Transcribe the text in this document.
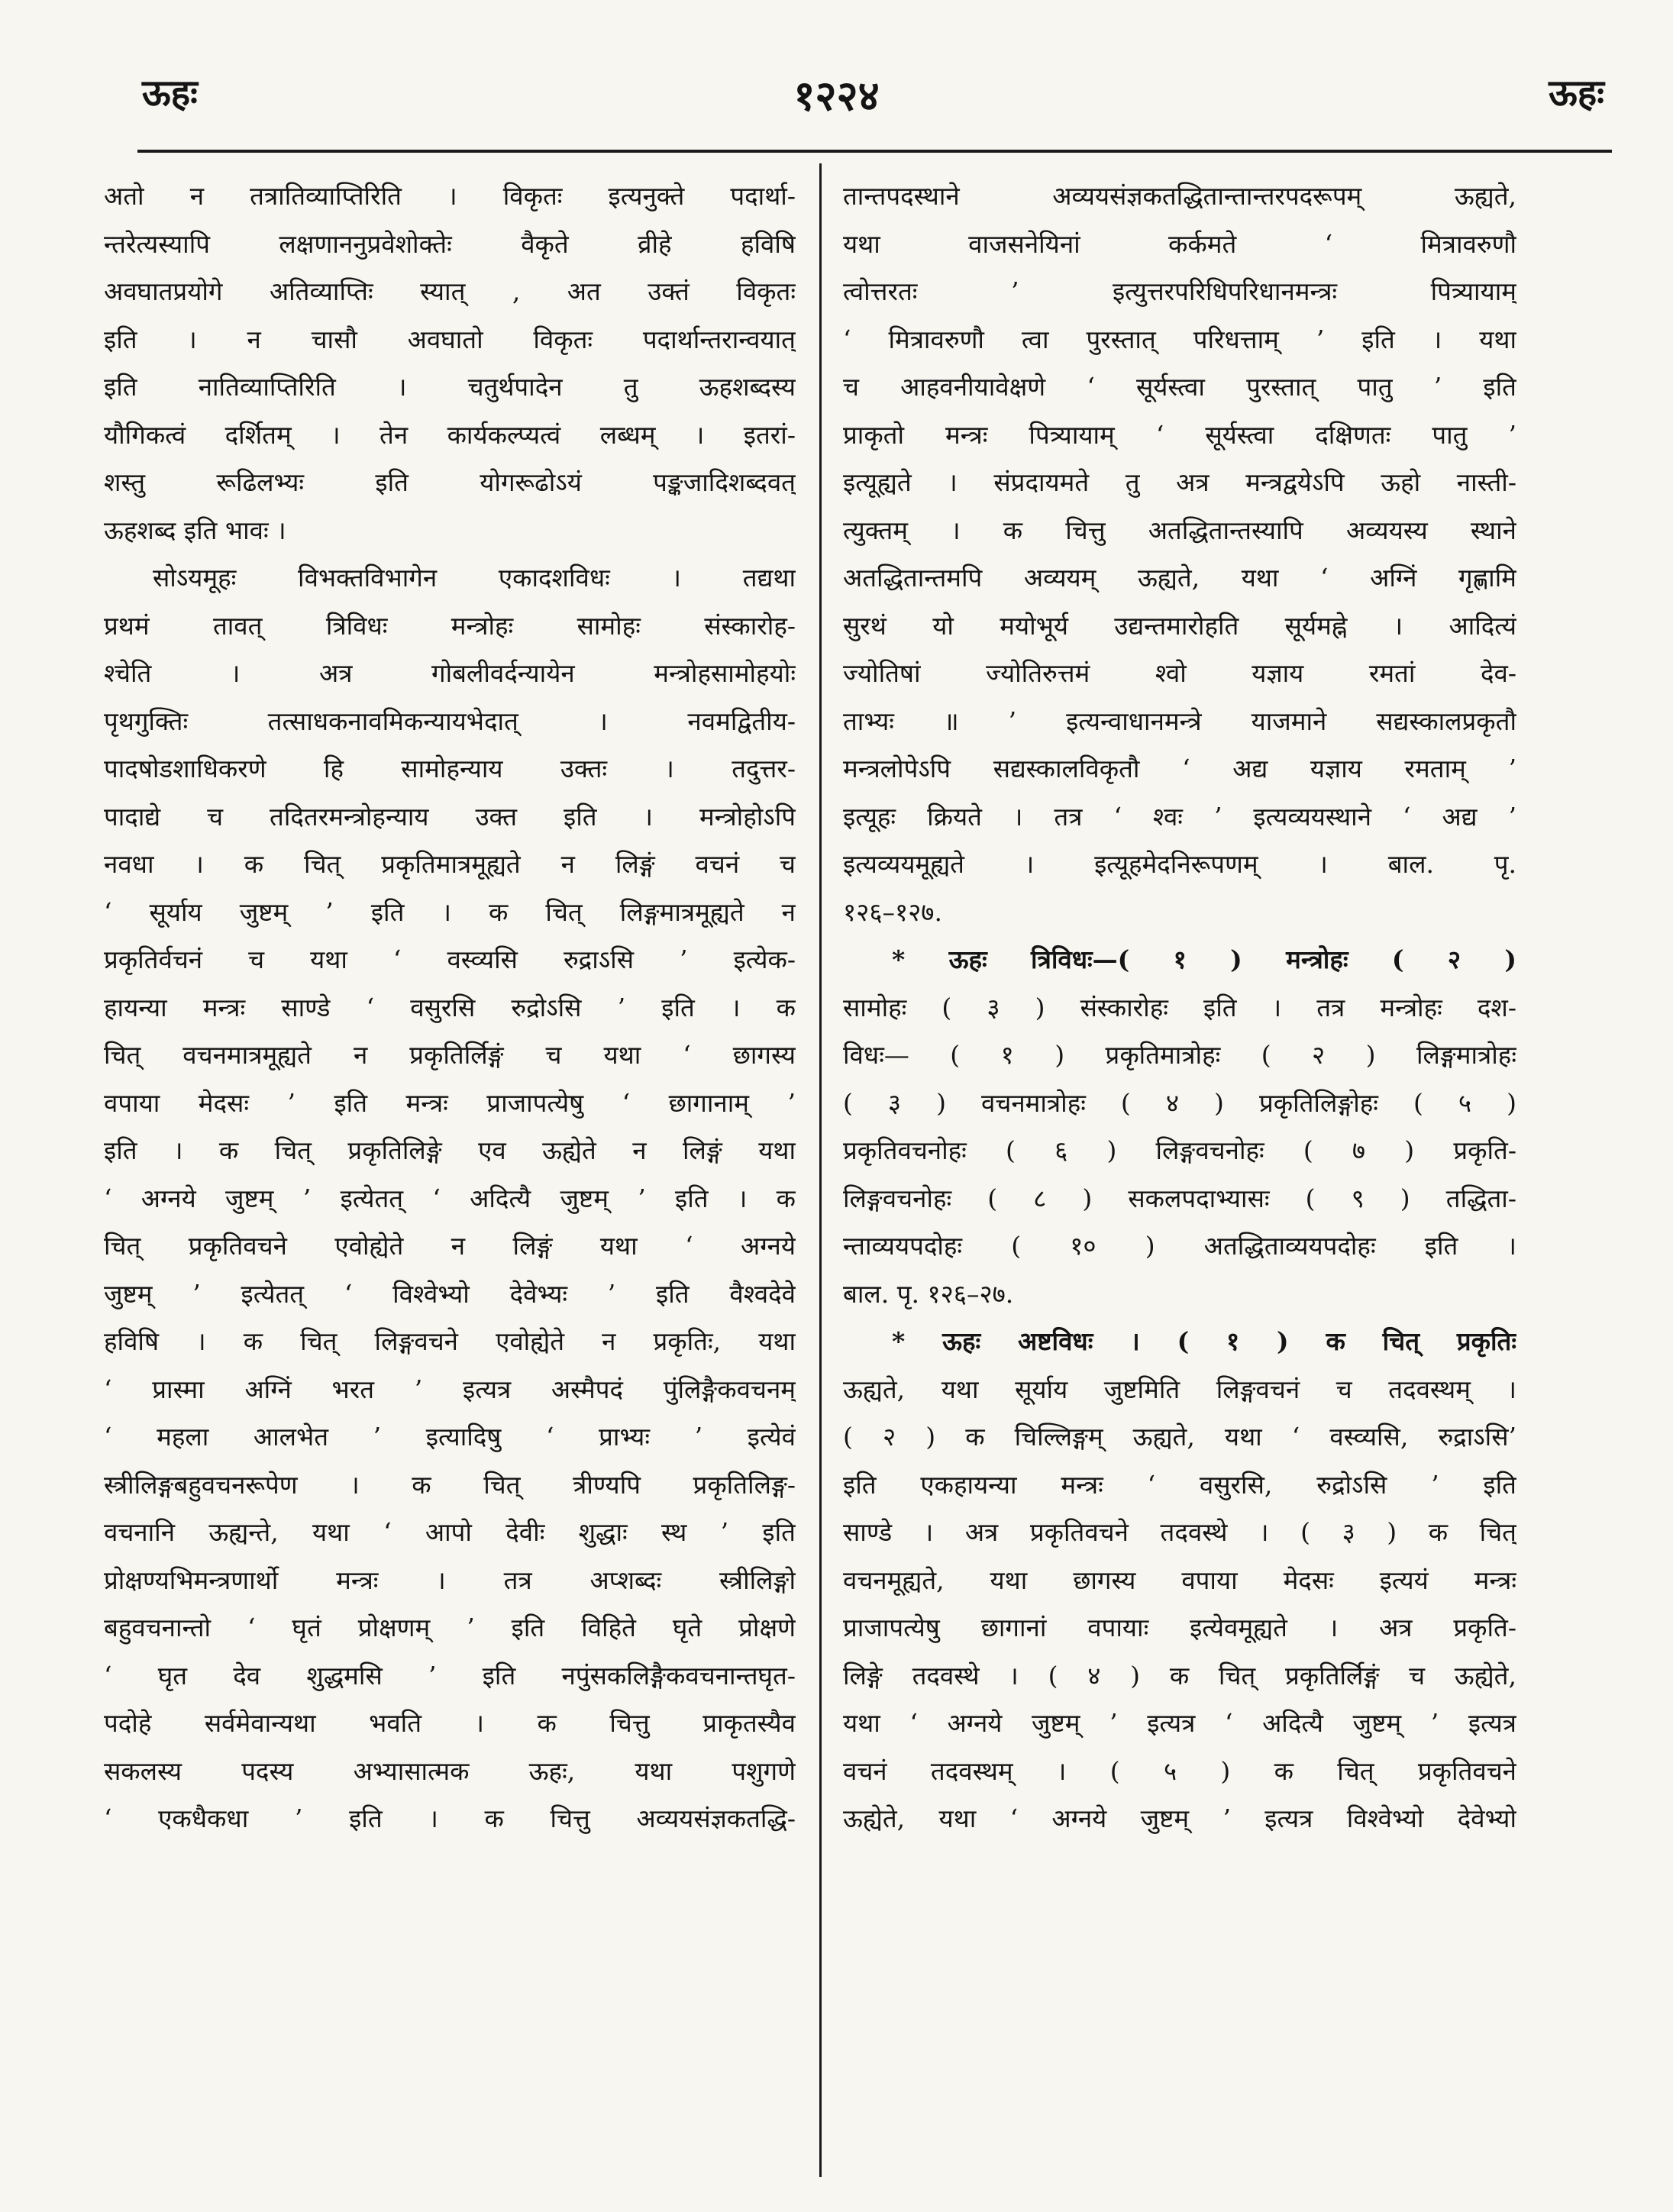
ऊहः	१२२४	ऊहः
अतो न तत्रातिव्याप्तिरिति । विकृतः इत्यनुक्ते पदार्था-
न्तरेत्यस्यापि लक्षणाननुप्रवेशोक्तेः वैकृते व्रीहे हविषि
अवघातप्रयोगे अतिव्याप्तिः स्यात् , अत उक्तं विकृतः
इति । न चासौ अवघातो विकृतः पदार्थान्तरान्वयात्
इति नातिव्याप्तिरिति । चतुर्थपादेन तु ऊहशब्दस्य
यौगिकत्वं दर्शितम् । तेन कार्यकल्प्यत्वं लब्धम् । इतरां-
शस्तु रूढिलभ्यः इति योगरूढोऽयं पङ्कजादिशब्दवत्
ऊहशब्द इति भावः ।
सोऽयमूहः विभक्तविभागेन एकादशविधः । तद्यथा
प्रथमं तावत् त्रिविधः मन्त्रोहः सामोहः संस्कारोह-
श्चेति । अत्र गोबलीवर्दन्यायेन मन्त्रोहसामोहयोः
पृथगुक्तिः तत्साधकनावमिकन्यायभेदात् । नवमद्वितीय-
पादषोडशाधिकरणे हि सामोहन्याय उक्तः । तदुत्तर-
पादाद्ये च तदितरमन्त्रोहन्याय उक्त इति । मन्त्रोहोऽपि
नवधा । क चित् प्रकृतिमात्रमूह्यते न लिङ्गं वचनं च
‘ सूर्याय जुष्टम् ’ इति । क चित् लिङ्गमात्रमूह्यते न
प्रकृतिर्वचनं च यथा ‘ वस्व्यसि रुद्राऽसि ’ इत्येक-
हायन्या मन्त्रः साण्डे ‘ वसुरसि रुद्रोऽसि ’ इति । क
चित् वचनमात्रमूह्यते न प्रकृतिर्लिङ्गं च यथा ‘ छागस्य
वपाया मेदसः ’ इति मन्त्रः प्राजापत्येषु ‘ छागानाम् ’
इति । क चित् प्रकृतिलिङ्गे एव ऊह्येते न लिङ्गं यथा
‘ अग्नये जुष्टम् ’ इत्येतत् ‘ अदित्यै जुष्टम् ’ इति । क
चित् प्रकृतिवचने एवोह्येते न लिङ्गं यथा ‘ अग्नये
जुष्टम् ’ इत्येतत् ‘ विश्वेभ्यो देवेभ्यः ’ इति वैश्वदेवे
हविषि । क चित् लिङ्गवचने एवोह्येते न प्रकृतिः, यथा
‘ प्रास्मा अग्निं भरत ’ इत्यत्र अस्मैपदं पुंलिङ्गैकवचनम्
‘ महला आलभेत ’ इत्यादिषु ‘ प्राभ्यः ’ इत्येवं
स्त्रीलिङ्गबहुवचनरूपेण । क चित् त्रीण्यपि प्रकृतिलिङ्ग-
वचनानि ऊह्यन्ते, यथा ‘ आपो देवीः शुद्धाः स्थ ’ इति
प्रोक्षण्यभिमन्त्रणार्थो मन्त्रः । तत्र अप्शब्दः स्त्रीलिङ्गो
बहुवचनान्तो ‘ घृतं प्रोक्षणम् ’ इति विहिते घृते प्रोक्षणे
‘ घृत देव शुद्धमसि ’ इति नपुंसकलिङ्गैकवचनान्तघृत-
पदोहे सर्वमेवान्यथा भवति । क चित्तु प्राकृतस्यैव
सकलस्य पदस्य अभ्यासात्मक ऊहः, यथा पशुगणे
‘ एकधैकधा ’ इति । क चित्तु अव्ययसंज्ञकतद्धि-
तान्तपदस्थाने अव्ययसंज्ञकतद्धितान्तान्तरपदरूपम् ऊह्यते,
यथा वाजसनेयिनां कर्कमते ‘ मित्रावरुणौ
त्वोत्तरतः ’ इत्युत्तरपरिधिपरिधानमन्त्रः पित्र्यायाम्
‘ मित्रावरुणौ त्वा पुरस्तात् परिधत्ताम् ’ इति । यथा
च आहवनीयावेक्षणे ‘ सूर्यस्त्वा पुरस्तात् पातु ’ इति
प्राकृतो मन्त्रः पित्र्यायाम् ‘ सूर्यस्त्वा दक्षिणतः पातु ’
इत्यूह्यते । संप्रदायमते तु अत्र मन्त्रद्वयेऽपि ऊहो नास्ती-
त्युक्तम् । क चित्तु अतद्धितान्तस्यापि अव्ययस्य स्थाने
अतद्धितान्तमपि अव्ययम् ऊह्यते, यथा ‘ अग्निं गृह्णामि
सुरथं यो मयोभूर्य उद्यन्तमारोहति सूर्यमह्ने । आदित्यं
ज्योतिषां ज्योतिरुत्तमं श्वो यज्ञाय रमतां देव-
ताभ्यः ॥ ’ इत्यन्वाधानमन्त्रे याजमाने सद्यस्कालप्रकृतौ
मन्त्रलोपेऽपि सद्यस्कालविकृतौ ‘ अद्य यज्ञाय रमताम् ’
इत्यूहः क्रियते । तत्र ‘ श्वः ’ इत्यव्ययस्थाने ‘ अद्य ’
इत्यव्ययमूह्यते । इत्यूहमेदनिरूपणम् । बाल. पृ.
१२६–१२७.
* ऊहः त्रिविधः—( १ ) मन्त्रोहः ( २ )
सामोहः ( ३ ) संस्कारोहः इति । तत्र मन्त्रोहः दश-
विधः— ( १ ) प्रकृतिमात्रोहः ( २ ) लिङ्गमात्रोहः
( ३ ) वचनमात्रोहः ( ४ ) प्रकृतिलिङ्गोहः ( ५ )
प्रकृतिवचनोहः ( ६ ) लिङ्गवचनोहः ( ७ ) प्रकृति-
लिङ्गवचनोहः ( ८ ) सकलपदाभ्यासः ( ९ ) तद्धिता-
न्ताव्ययपदोहः ( १० ) अतद्धिताव्ययपदोहः इति ।
बाल. पृ. १२६–२७.
* ऊहः अष्टविधः । ( १ ) क चित् प्रकृतिः
ऊह्यते, यथा सूर्याय जुष्टमिति लिङ्गवचनं च तदवस्थम् ।
( २ ) क चिल्लिङ्गम् ऊह्यते, यथा ‘ वस्व्यसि, रुद्राऽसि’
इति एकहायन्या मन्त्रः ‘ वसुरसि, रुद्रोऽसि ’ इति
साण्डे । अत्र प्रकृतिवचने तदवस्थे । ( ३ ) क चित्
वचनमूह्यते, यथा छागस्य वपाया मेदसः इत्ययं मन्त्रः
प्राजापत्येषु छागानां वपायाः इत्येवमूह्यते । अत्र प्रकृति-
लिङ्गे तदवस्थे । ( ४ ) क चित् प्रकृतिर्लिङ्गं च ऊह्येते,
यथा ‘ अग्नये जुष्टम् ’ इत्यत्र ‘ अदित्यै जुष्टम् ’ इत्यत्र
वचनं तदवस्थम् । ( ५ ) क चित् प्रकृतिवचने
ऊह्येते, यथा ‘ अग्नये जुष्टम् ’ इत्यत्र विश्वेभ्यो देवेभ्यो
